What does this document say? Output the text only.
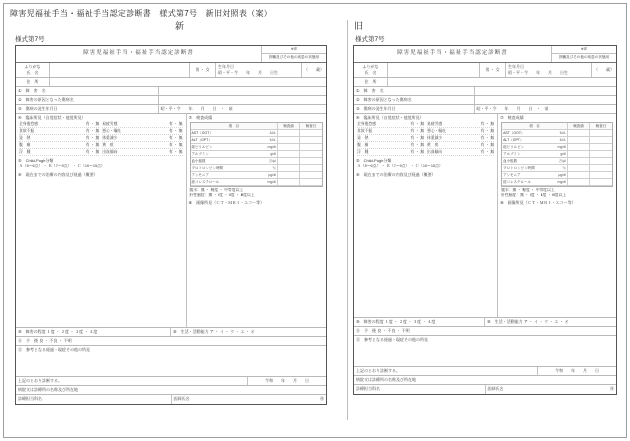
障害児福祉手当・福祉手当認定診断書　様式第7号　新旧対照表（案）
新
様式第7号
障害児福祉手当・福祉手当認定診断書
※印
肝臓及びその他の疾患の状態用
ふりがな
氏　名
男 ・ 女
生年月日
昭・平・令　　年　　月　　日生
（　　歳）
住　所
①　障　害　名
②　障害の原因となった傷病名
③　傷病の発生年月日	昭・平・令　　年　　月　　日　・　頃
④　臨床所見（自覚症状・他覚所見）
全身倦怠感	有 ・ 無 易疲労感	有 ・ 無
食欲不振	有 ・ 無 悪心・嘔吐	有 ・ 無
発　熱	有 ・ 無 体重減少	有 ・ 無
腹　痛	有 ・ 無 黄　疸	有 ・ 無
浮　腫	有 ・ 無 出血傾向	有 ・ 無
⑤　Child-Pugh分類
Ａ（5～6点） ・ Ｂ（7～9点） ・ Ｃ（10～15点）
⑥　現在までの治療の内容及び経過（概要）
⑦　検査成績
項　目	検査値	検査日
AST（GOT）	IU/L
ALT（GPT）	IU/L
総ビリルビン	mg/dl
アルブミン	g/dl
血小板数	万/μl
プロトロンビン時間	％
アンモニア	μg/dl
総コレステロール	mg/dl
腹水：無 ・ 軽度 ・ 中等度以上
肝性脳症：無 ・ Ⅰ度 ・ Ⅱ度 ・ Ⅲ度以上
⑧　画像所見（ＣＴ・ＭＲＩ・エコー等）
⑨　障害の程度 １度 ・ ２度 ・ ３度 ・ ４度	⑩　生活・活動能力 ア ・ イ ・ ウ ・ エ ・ オ
⑪　予　後 良 ・ 不良 ・ 不明
⑫　参考となる経過・現症その他の所見
上記のとおり診断する。	令和　　年　　月　　日
病院又は診療所の名称及び所在地
診療担当科名	医師氏名	㊞
旧
様式第7号
障害児福祉手当・福祉手当認定診断書
※印
肝臓及びその他の疾患の状態用
ふりがな
氏　名
男 ・ 女
生年月日
昭・平・令　　年　　月　　日生
（　　歳）
住　所
①　障　害　名
②　障害の原因となった傷病名
③　傷病の発生年月日	昭・平・令　　年　　月　　日　・　頃
④　臨床所見（自覚症状・他覚所見）
全身倦怠感	有 ・ 無 易疲労感	有 ・ 無
食欲不振	有 ・ 無 悪心・嘔吐	有 ・ 無
発　熱	有 ・ 無 体重減少	有 ・ 無
腹　痛	有 ・ 無 黄　疸	有 ・ 無
浮　腫	有 ・ 無 出血傾向	有 ・ 無
⑤　Child-Pugh分類
Ａ（5～6点） ・ Ｂ（7～9点） ・ Ｃ（10～15点）
⑥　現在までの治療の内容及び経過（概要）
⑦　検査成績
項　目	検査値	検査日
AST（GOT）	IU/L
ALT（GPT）	IU/L
総ビリルビン	mg/dl
アルブミン	g/dl
血小板数	万/μl
プロトロンビン時間	％
アンモニア	μg/dl
総コレステロール	mg/dl
腹水：無 ・ 軽度 ・ 中等度以上
肝性脳症：無 ・ Ⅰ度 ・ Ⅱ度 ・ Ⅲ度以上
⑧　画像所見（ＣＴ・ＭＲＩ・エコー等）
⑨　障害の程度 １度 ・ ２度 ・ ３度 ・ ４度	⑩　生活・活動能力 ア ・ イ ・ ウ ・ エ ・ オ
⑪　予　後 良 ・ 不良 ・ 不明
⑫　参考となる経過・現症その他の所見
上記のとおり診断する。	令和　　年　　月　　日
病院又は診療所の名称及び所在地
診療担当科名	医師氏名	㊞
